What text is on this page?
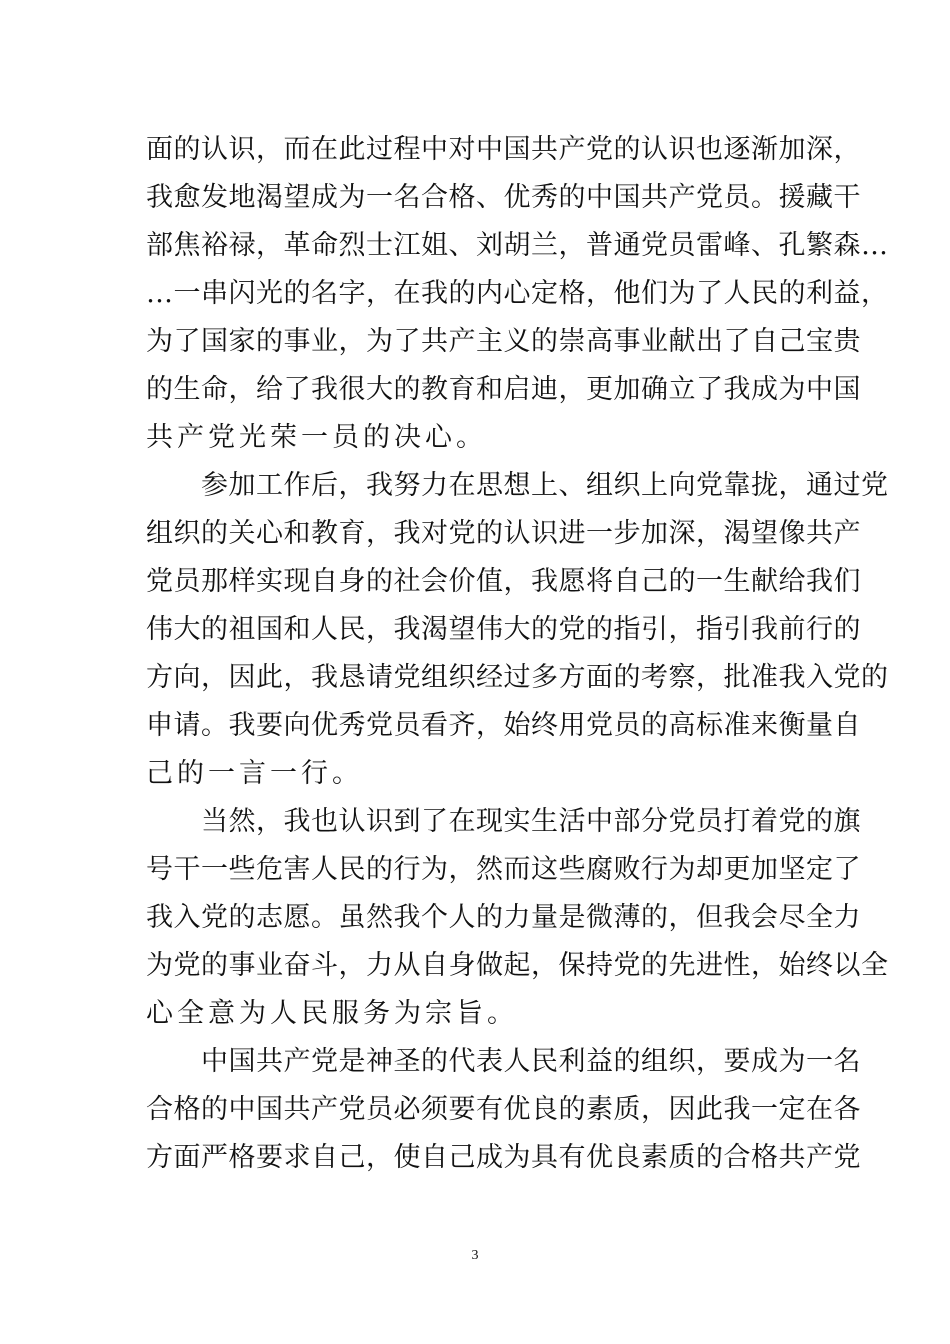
面的认识，而在此过程中对中国共产党的认识也逐渐加深，
我愈发地渴望成为一名合格、优秀的中国共产党员。援藏干
部焦裕禄，革命烈士江姐、刘胡兰，普通党员雷峰、孔繁森…
…一串闪光的名字，在我的内心定格，他们为了人民的利益，
为了国家的事业，为了共产主义的崇高事业献出了自己宝贵
的生命，给了我很大的教育和启迪，更加确立了我成为中国
共产党光荣一员的决心。
　　参加工作后，我努力在思想上、组织上向党靠拢，通过党
组织的关心和教育，我对党的认识进一步加深，渴望像共产
党员那样实现自身的社会价值，我愿将自己的一生献给我们
伟大的祖国和人民，我渴望伟大的党的指引，指引我前行的
方向，因此，我恳请党组织经过多方面的考察，批准我入党的
申请。我要向优秀党员看齐，始终用党员的高标准来衡量自
己的一言一行。
　　当然，我也认识到了在现实生活中部分党员打着党的旗
号干一些危害人民的行为，然而这些腐败行为却更加坚定了
我入党的志愿。虽然我个人的力量是微薄的，但我会尽全力
为党的事业奋斗，力从自身做起，保持党的先进性，始终以全
心全意为人民服务为宗旨。
　　中国共产党是神圣的代表人民利益的组织，要成为一名
合格的中国共产党员必须要有优良的素质，因此我一定在各
方面严格要求自己，使自己成为具有优良素质的合格共产党
3
